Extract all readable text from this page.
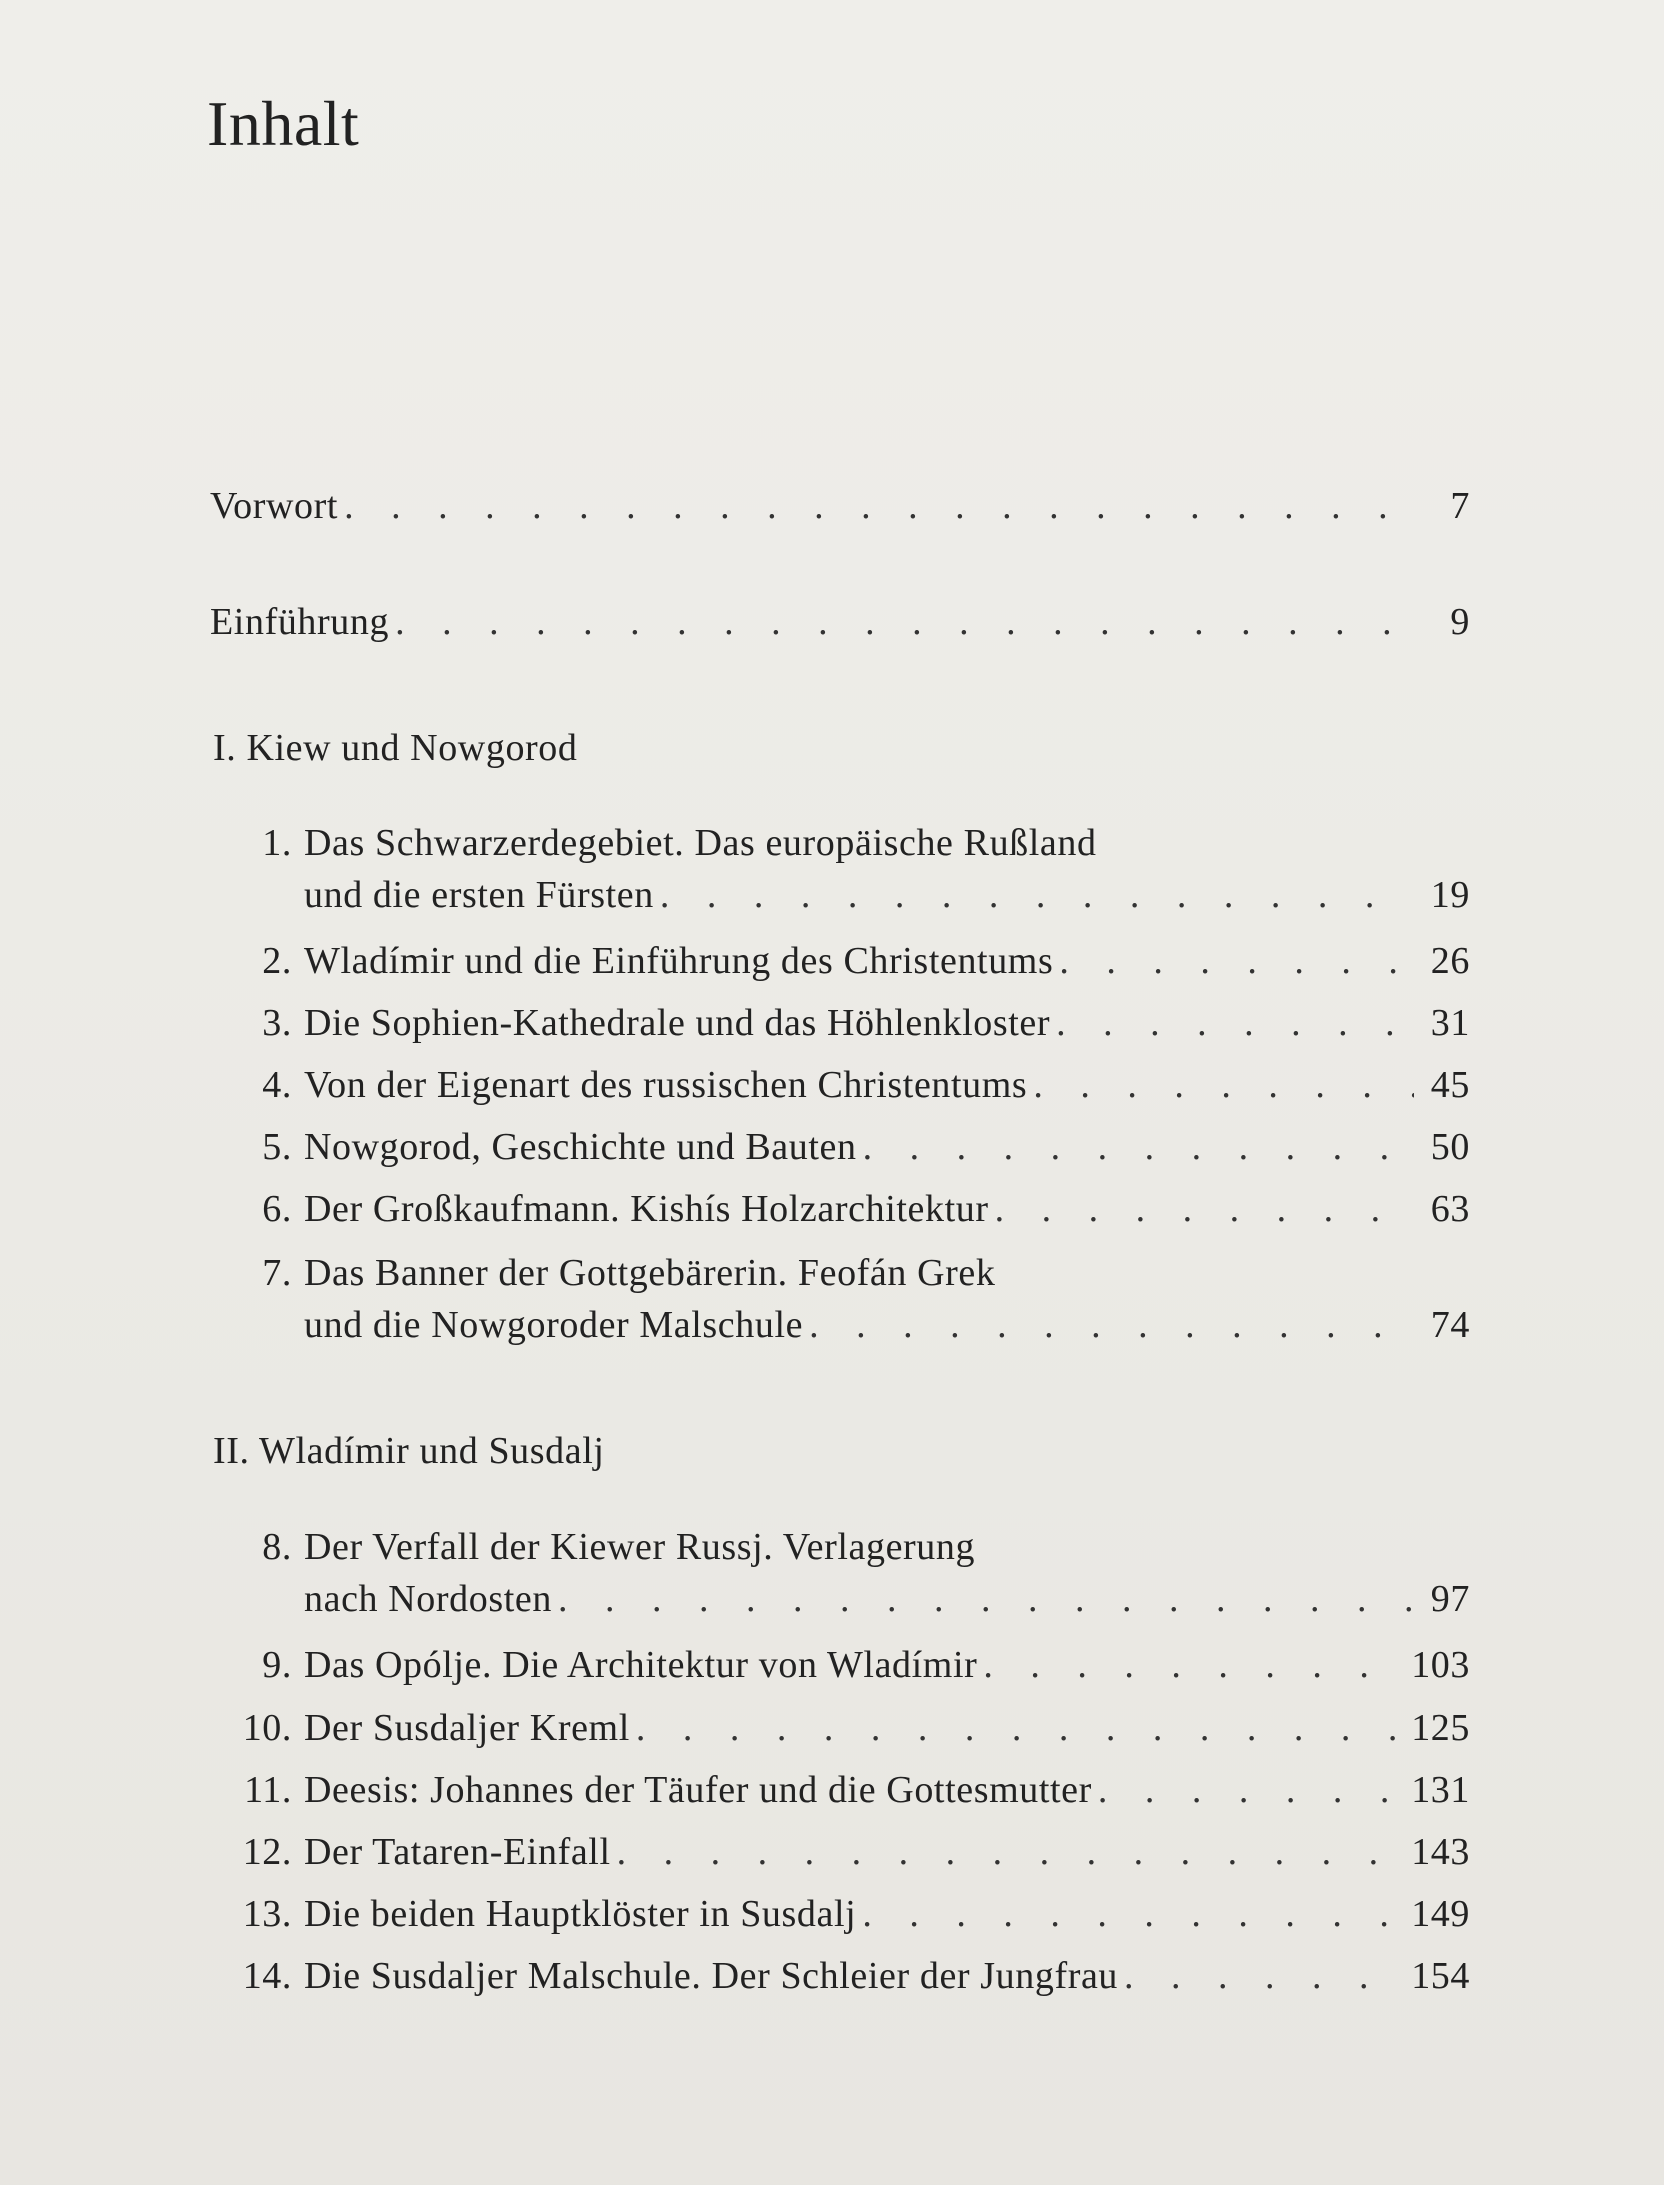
Inhalt
Vorwort . . .	7
Einführung . . .	9
I. Kiew und Nowgorod
1. Das Schwarzerdegebiet. Das europäische Rußland
und die ersten Fürsten . . .	19
2. Wladímir und die Einführung des Christentums . . .	26
3. Die Sophien-Kathedrale und das Höhlenkloster . . .	31
4. Von der Eigenart des russischen Christentums . . .	45
5. Nowgorod, Geschichte und Bauten . . .	50
6. Der Großkaufmann. Kishís Holzarchitektur . . .	63
7. Das Banner der Gottgebärerin. Feofán Grek
und die Nowgoroder Malschule . . .	74
II. Wladímir und Susdalj
8. Der Verfall der Kiewer Russj. Verlagerung
nach Nordosten . . .	97
9. Das Opólje. Die Architektur von Wladímir . . .	103
10. Der Susdaljer Kreml . . .	125
11. Deesis: Johannes der Täufer und die Gottesmutter . . .	131
12. Der Tataren-Einfall . . .	143
13. Die beiden Hauptklöster in Susdalj . . .	149
14. Die Susdaljer Malschule. Der Schleier der Jungfrau . . .	154
